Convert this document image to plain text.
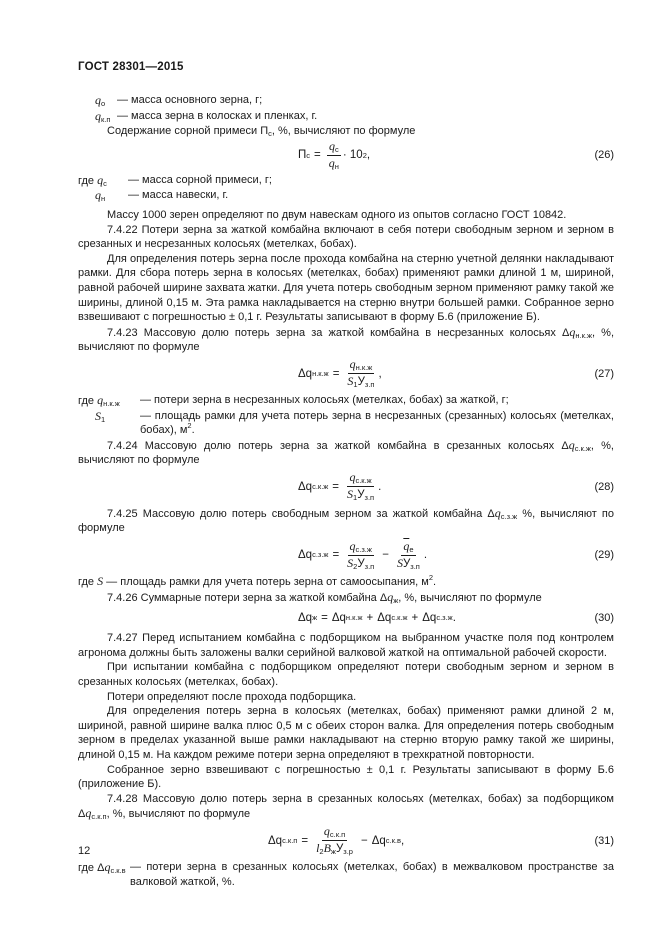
ГОСТ 28301—2015
$q_о$	— масса основного зерна, г;
$q_{к.п}$ — масса зерна в колосках и пленках, г.

Содержание сорной примеси $П_с$, %, вычисляют по формуле

П $с = \frac{q_с}{q_н} \cdot 10$ 2 ,	(26)
где $q_с$	— масса сорной примеси, г;
$q_н$	— масса навески, г.

Массу 1000 зерен определяют по двум навескам одного из опытов согласно ГОСТ 10842.

7.4.22 Потери зерна за жаткой комбайна включают в себя потери свободным зерном и зерном в срезанных и несрезанных колосьях (метелках, бобах).

Для определения потерь зерна после прохода комбайна на стерню учетной делянки накладывают рамки. Для сбора потерь зерна в колосьях (метелках, бобах) применяют рамки длиной 1 м, шириной, равной рабочей ширине захвата жатки. Для учета потерь свободным зерном применяют рамку такой же ширины, длиной 0,15 м. Эта рамка накладывается на стерню внутри большей рамки. Собранное зерно взвешивают с погрешностью ± 0,1 г. Результаты записывают в форму Б.6 (приложение Б).

7.4.23 Массовую долю потерь зерна за жаткой комбайна в несрезанных колосьях $\Delta q_{н.к.ж}$, %, вычисляют по формуле

Δq $н.к.ж = \frac{q_{н.к.ж}}{S_1У_{з.п}}$ ,	(27)
где $q_{н.к.ж}$	— потери зерна в несрезанных колосьях (метелках, бобах) за жаткой, г;
$S_1$	— площадь рамки для учета потерь зерна в несрезанных (срезанных) колосьях (метелках, бобах), $м^2$.

7.4.24 Массовую долю потерь зерна за жаткой комбайна в срезанных колосьях $\Delta q_{с.к.ж}$, %, вычисляют по формуле

Δq $с.к.ж = \frac{q_{с.к.ж}}{S_1У_{з.п}}$ .	(28)

7.4.25 Массовую долю потерь свободным зерном за жаткой комбайна $\Delta q_{с.з.ж}$ %, вычисляют по формуле

Δq $с.з.ж = \frac{q_{с.з.ж}}{S_2У_{з.п}} - \frac{\overline{q}_e}{SУ_{з.п}}$ .	(29)

где S — площадь рамки для учета потерь зерна от самоосыпания, $м^2$.

7.4.26 Суммарные потери зерна за жаткой комбайна $\Delta q_ж$, %, вычисляют по формуле

Δq ж = Δq н.к.ж + Δq с.к.ж + Δq с.з.ж .	(30)

7.4.27 Перед испытанием комбайна с подборщиком на выбранном участке поля под контролем агронома должны быть заложены валки серийной валковой жаткой на оптимальной рабочей скорости.

При испытании комбайна с подборщиком определяют потери свободным зерном и зерном в срезанных колосьях (метелках, бобах).

Потери определяют после прохода подборщика.

Для определения потерь зерна в колосьях (метелках, бобах) применяют рамки длиной 2 м, шириной, равной ширине валка плюс 0,5 м с обеих сторон валка. Для определения потерь свободным зерном в пределах указанной выше рамки накладывают на стерню вторую рамку такой же ширины, длиной 0,15 м. На каждом режиме потери зерна определяют в трехкратной повторности.

Собранное зерно взвешивают с погрешностью ± 0,1 г. Результаты записывают в форму Б.6 (приложение Б).

7.4.28 Массовую долю потерь зерна в срезанных колосьях (метелках, бобах) за подборщиком $\Delta q_{с.к.п}$, %, вычисляют по формуле

Δq $с.к.п = \frac{q_{с.к.п}}{l_2B_жУ_{з.р}} - \Delta q$ с.к.в ,	(31)
где $\Delta q_{с.к.в}$ — потери зерна в срезанных колосьях (метелках, бобах) в межвалковом пространстве за валковой жаткой, %.
12
